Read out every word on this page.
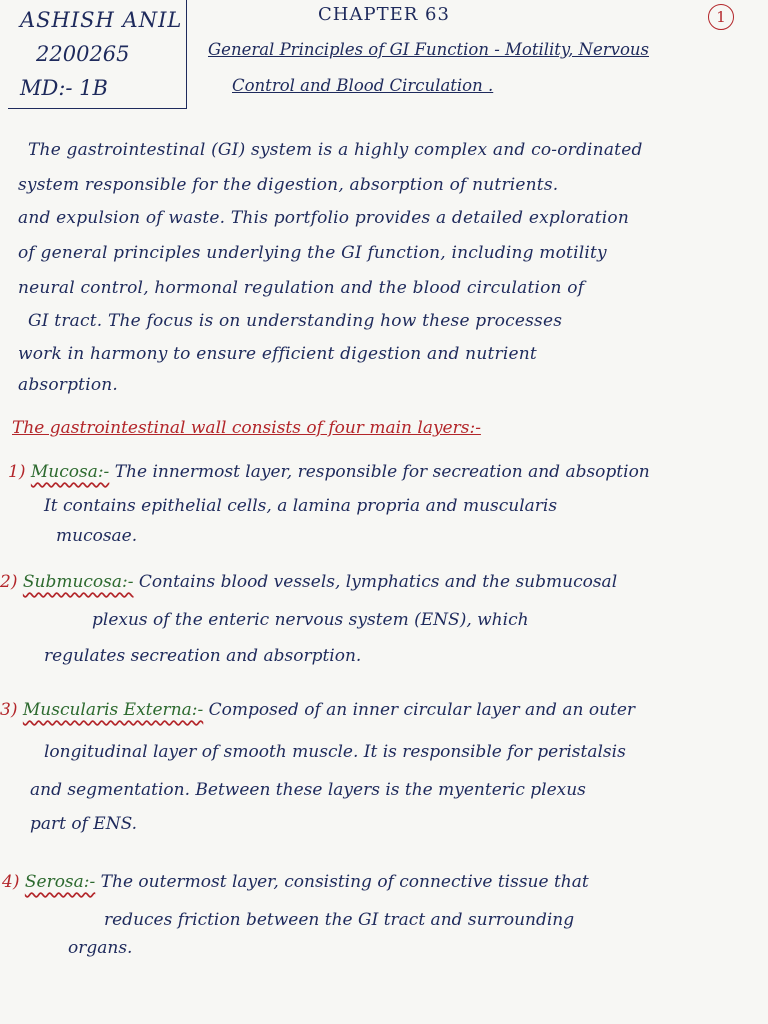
ASHISH ANIL
2200265
MD:- 1B
CHAPTER 63	1
General Principles of GI Function - Motility, Nervous
Control and Blood Circulation .
The gastrointestinal (GI) system is a highly complex and co-ordinated
system responsible for the digestion, absorption of nutrients.
and expulsion of waste. This portfolio provides a detailed exploration
of general principles underlying the GI function, including motility
neural control, hormonal regulation and the blood circulation of
GI tract. The focus is on understanding how these processes
work in harmony to ensure efficient digestion and nutrient
absorption.
The gastrointestinal wall consists of four main layers:-
1) Mucosa:- The innermost layer, responsible for secreation and absoption
It contains epithelial cells, a lamina propria and muscularis
mucosae.
2) Submucosa:- Contains blood vessels, lymphatics and the submucosal
plexus of the enteric nervous system (ENS), which
regulates secreation and absorption.
3) Muscularis Externa:- Composed of an inner circular layer and an outer
longitudinal layer of smooth muscle. It is responsible for peristalsis
and segmentation. Between these layers is the myenteric plexus
part of ENS.
4) Serosa:- The outermost layer, consisting of connective tissue that
reduces friction between the GI tract and surrounding
organs.
